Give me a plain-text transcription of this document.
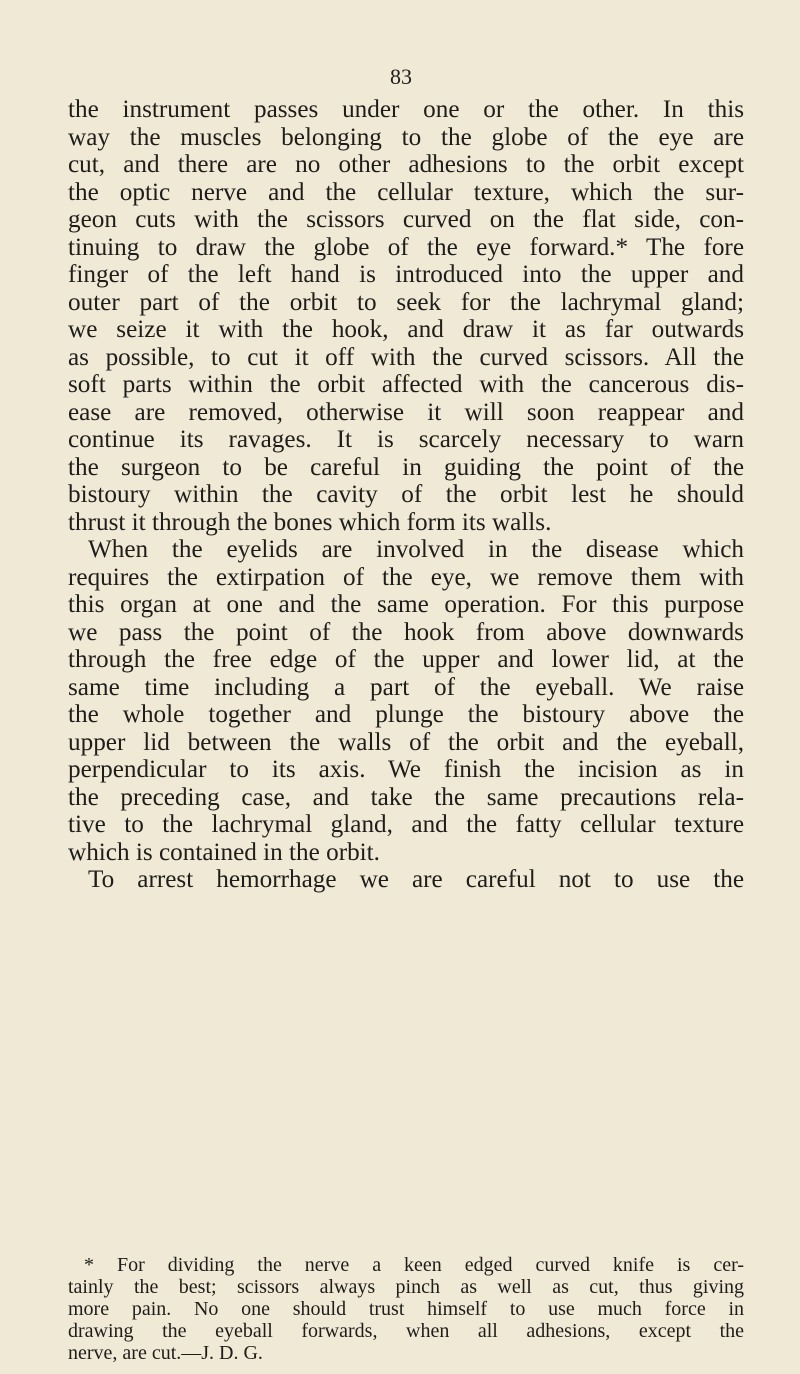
83
the instrument passes under one or the other. In this
way the muscles belonging to the globe of the eye are
cut, and there are no other adhesions to the orbit except
the optic nerve and the cellular texture, which the sur-
geon cuts with the scissors curved on the flat side, con-
tinuing to draw the globe of the eye forward.* The fore
finger of the left hand is introduced into the upper and
outer part of the orbit to seek for the lachrymal gland;
we seize it with the hook, and draw it as far outwards
as possible, to cut it off with the curved scissors. All the
soft parts within the orbit affected with the cancerous dis-
ease are removed, otherwise it will soon reappear and
continue its ravages. It is scarcely necessary to warn
the surgeon to be careful in guiding the point of the
bistoury within the cavity of the orbit lest he should
thrust it through the bones which form its walls.
When the eyelids are involved in the disease which
requires the extirpation of the eye, we remove them with
this organ at one and the same operation. For this purpose
we pass the point of the hook from above downwards
through the free edge of the upper and lower lid, at the
same time including a part of the eyeball. We raise
the whole together and plunge the bistoury above the
upper lid between the walls of the orbit and the eyeball,
perpendicular to its axis. We finish the incision as in
the preceding case, and take the same precautions rela-
tive to the lachrymal gland, and the fatty cellular texture
which is contained in the orbit.
To arrest hemorrhage we are careful not to use the
* For dividing the nerve a keen edged curved knife is cer-
tainly the best; scissors always pinch as well as cut, thus giving
more pain. No one should trust himself to use much force in
drawing the eyeball forwards, when all adhesions, except the
nerve, are cut.—J. D. G.
